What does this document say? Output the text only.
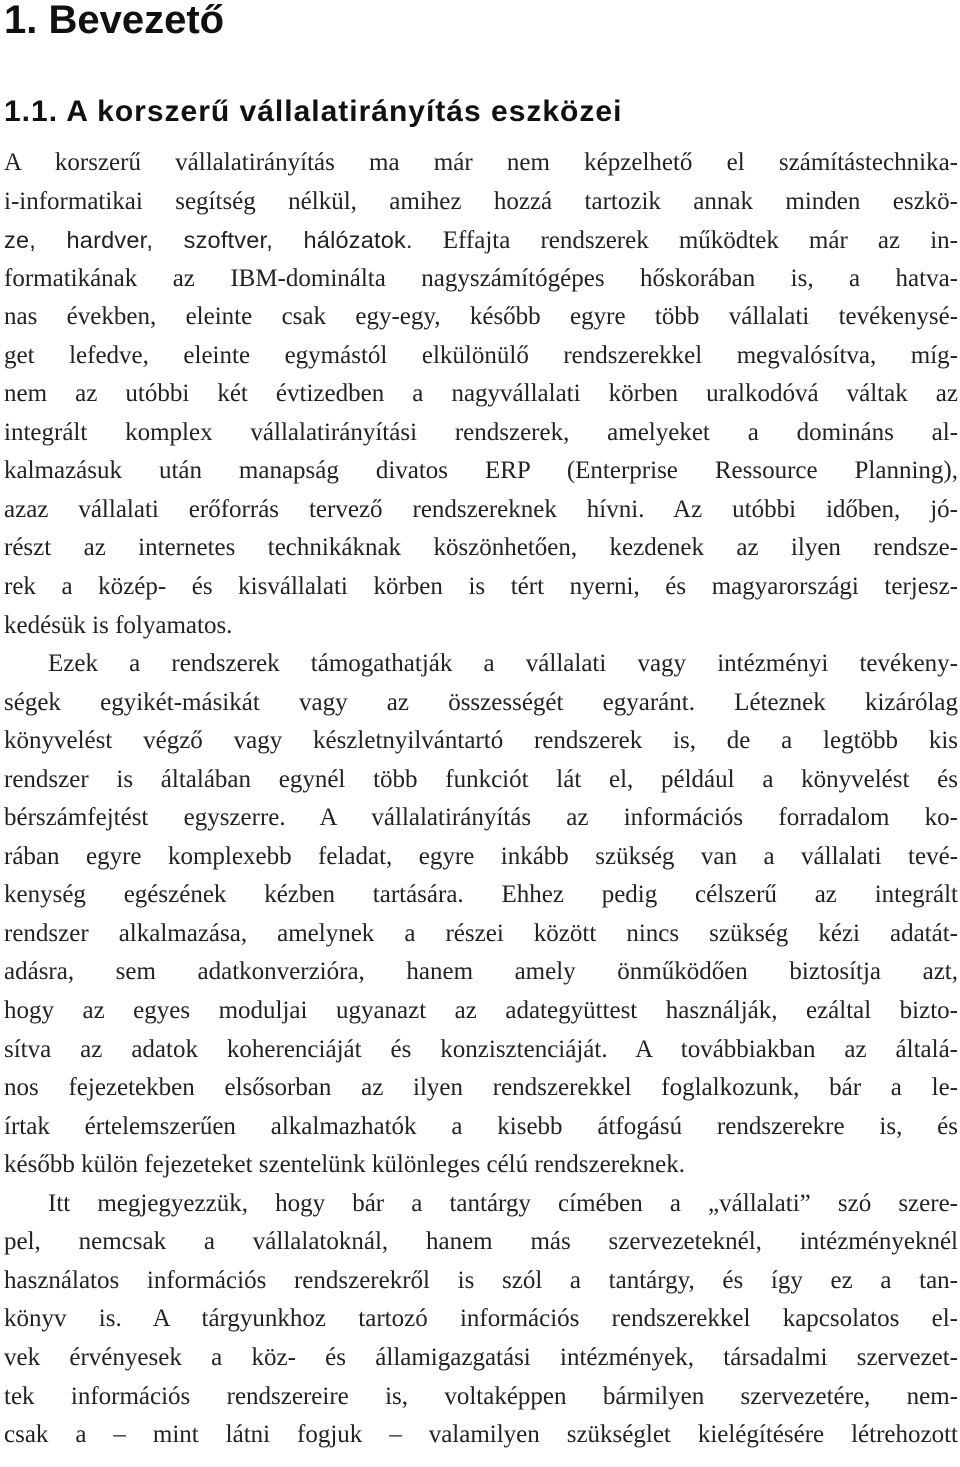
1. Bevezető
1.1. A korszerű vállalatirányítás eszközei
A korszerű vállalatirányítás ma már nem képzelhető el számítástechnika-
i-informatikai segítség nélkül, amihez hozzá tartozik annak minden eszkö-
ze, hardver, szoftver, hálózatok. Effajta rendszerek működtek már az in-
formatikának az IBM-dominálta nagyszámítógépes hőskorában is, a hatva-
nas években, eleinte csak egy-egy, később egyre több vállalati tevékenysé-
get lefedve, eleinte egymástól elkülönülő rendszerekkel megvalósítva, míg-
nem az utóbbi két évtizedben a nagyvállalati körben uralkodóvá váltak az
integrált komplex vállalatirányítási rendszerek, amelyeket a domináns al-
kalmazásuk után manapság divatos ERP (Enterprise Ressource Planning),
azaz vállalati erőforrás tervező rendszereknek hívni. Az utóbbi időben, jó-
részt az internetes technikáknak köszönhetően, kezdenek az ilyen rendsze-
rek a közép- és kisvállalati körben is tért nyerni, és magyarországi terjesz-
kedésük is folyamatos.
Ezek a rendszerek támogathatják a vállalati vagy intézményi tevékeny-
ségek egyikét-másikát vagy az összességét egyaránt. Léteznek kizárólag
könyvelést végző vagy készletnyilvántartó rendszerek is, de a legtöbb kis
rendszer is általában egynél több funkciót lát el, például a könyvelést és
bérszámfejtést egyszerre. A vállalatirányítás az információs forradalom ko-
rában egyre komplexebb feladat, egyre inkább szükség van a vállalati tevé-
kenység egészének kézben tartására. Ehhez pedig célszerű az integrált
rendszer alkalmazása, amelynek a részei között nincs szükség kézi adatát-
adásra, sem adatkonverzióra, hanem amely önműködően biztosítja azt,
hogy az egyes moduljai ugyanazt az adategyüttest használják, ezáltal bizto-
sítva az adatok koherenciáját és konzisztenciáját. A továbbiakban az általá-
nos fejezetekben elsősorban az ilyen rendszerekkel foglalkozunk, bár a le-
írtak értelemszerűen alkalmazhatók a kisebb átfogású rendszerekre is, és
később külön fejezeteket szentelünk különleges célú rendszereknek.
Itt megjegyezzük, hogy bár a tantárgy címében a „vállalati” szó szere-
pel, nemcsak a vállalatoknál, hanem más szervezeteknél, intézményeknél
használatos információs rendszerekről is szól a tantárgy, és így ez a tan-
könyv is. A tárgyunkhoz tartozó információs rendszerekkel kapcsolatos el-
vek érvényesek a köz- és államigazgatási intézmények, társadalmi szervezet-
tek információs rendszereire is, voltaképpen bármilyen szervezetére, nem-
csak a – mint látni fogjuk – valamilyen szükséglet kielégítésére létrehozott
